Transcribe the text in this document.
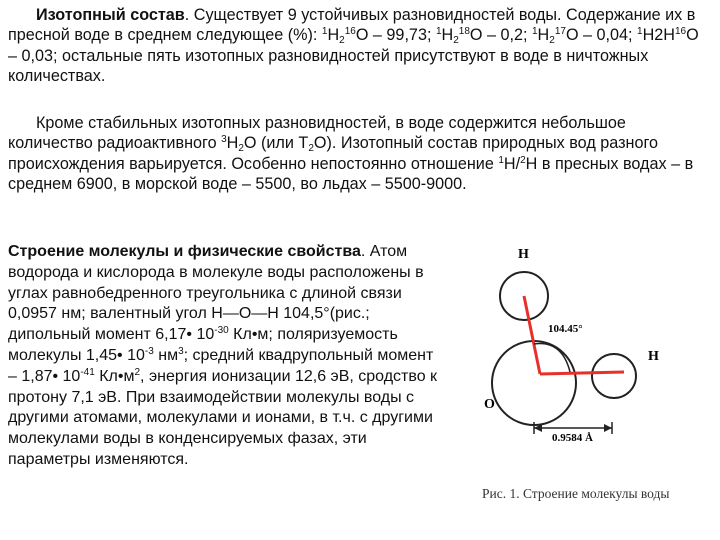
Изотопный состав. Существует 9 устойчивых разновидностей воды. Содержание их в пресной воде в среднем следующее (%): $^1H_2^{16}O - 99,73$; $^1H_2^{18}O - 0,2$; $^1H_2^{17}O - 0,04$; $^1H2H^{16}O - 0,03$; остальные пять изотопных разновидностей присутствуют в воде в ничтожных количествах.

Кроме стабильных изотопных разновидностей, в воде содержится небольшое количество радиоактивного $^3H_2O$ (или $T_2O$). Изотопный состав природных вод разного происхождения варьируется. Особенно непостоянно отношение $^1$H/$^2$H в пресных водах – в среднем 6900, в морской воде – 5500, во льдах – 5500-9000.

Строение молекулы и физические свойства. Атом водорода и кислорода в молекуле воды расположены в углах равнобедренного треугольника с длиной связи 0,0957 нм; валентный угол H—O—H 104,5°(рис.; дипольный момент 6,17• $10^{-30}$ Кл•м; поляризуемость молекулы 1,45• $10^{-3}$ $нм^3$; средний квадрупольный момент – 1,87• $10^{-41}$ $Кл•м^2$, энергия ионизации 12,6 эВ, сродство к протону 7,1 эВ. При взаимодействии молекулы воды с другими атомами, молекулами и ионами, в т.ч. с другими молекулами воды в конденсируемых фазах, эти параметры изменяются.

H
H
O
104.45°
0.9584 Å
Рис. 1. Строение молекулы воды
